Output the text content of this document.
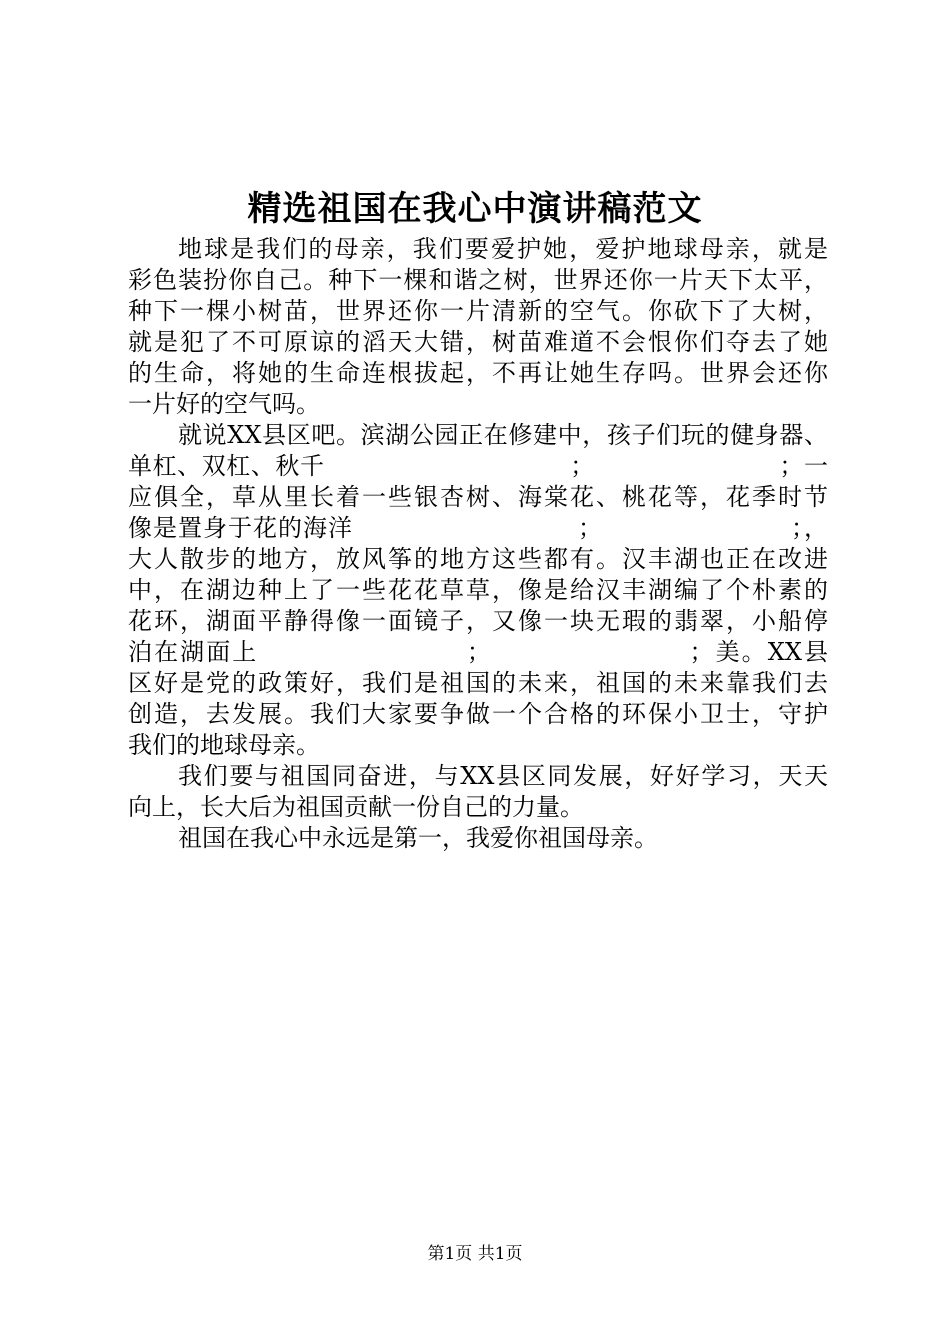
精选祖国在我心中演讲稿范文
地球是我们的母亲，我们要爱护她，爱护地球母亲，就是
彩色装扮你自己。种下一棵和谐之树，世界还你一片天下太平，
种下一棵小树苗，世界还你一片清新的空气。你砍下了大树，
就是犯了不可原谅的滔天大错，树苗难道不会恨你们夺去了她
的生命，将她的生命连根拔起，不再让她生存吗。世界会还你
一片好的空气吗。
就说XX县区吧。滨湖公园正在修建中，孩子们玩的健身器、
单杠、双杠、秋千　　　　　　　　　　；　　　　　　　　；一
应俱全，草从里长着一些银杏树、海棠花、桃花等，花季时节
像是置身于花的海洋　　　　　　　　　；　　　　　　　　；，
大人散步的地方，放风筝的地方这些都有。汉丰湖也正在改进
中，在湖边种上了一些花花草草，像是给汉丰湖编了个朴素的
花环，湖面平静得像一面镜子，又像一块无瑕的翡翠，小船停
泊在湖面上　　　　　　　　；　　　　　　　　；美。XX县
区好是党的政策好，我们是祖国的未来，祖国的未来靠我们去
创造，去发展。我们大家要争做一个合格的环保小卫士，守护
我们的地球母亲。
我们要与祖国同奋进，与XX县区同发展，好好学习，天天
向上，长大后为祖国贡献一份自己的力量。
祖国在我心中永远是第一，我爱你祖国母亲。
第1页 共1页
